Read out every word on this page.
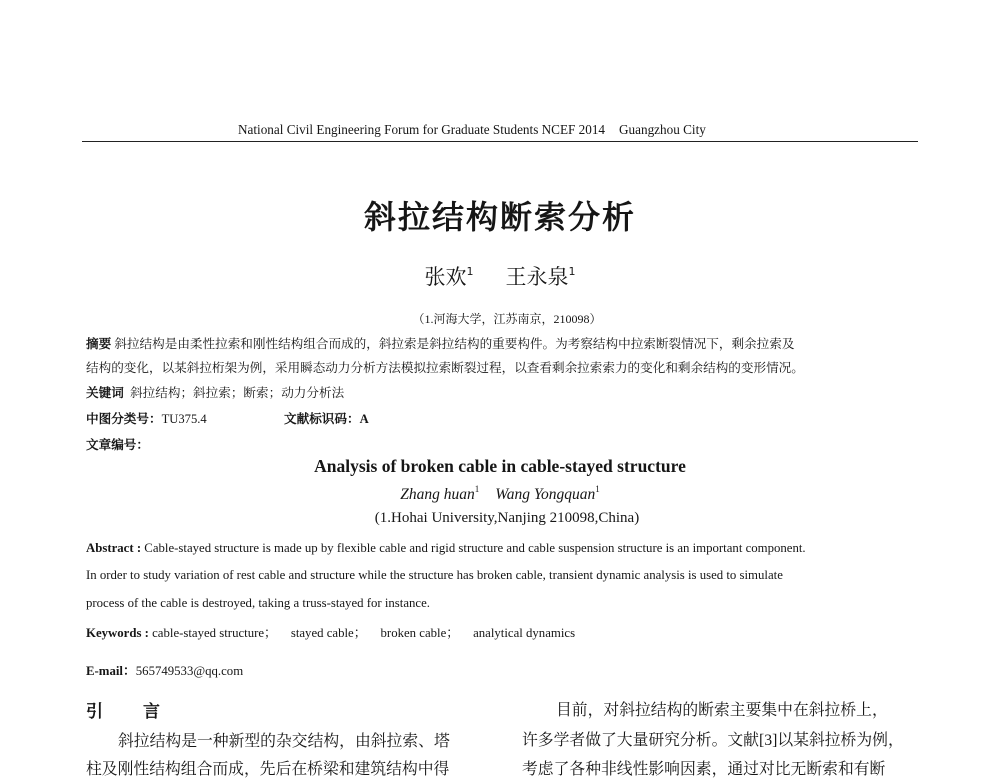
National Civil Engineering Forum for Graduate Students NCEF 2014 Guangzhou City
斜拉结构断索分析
张欢$^1$ 王永泉$^1$
（1.河海大学，江苏南京，210098）
摘要 斜拉结构是由柔性拉索和刚性结构组合而成的，斜拉索是斜拉结构的重要构件。为考察结构中拉索断裂情况下，剩余拉索及
结构的变化，以某斜拉桁架为例，采用瞬态动力分析方法模拟拉索断裂过程，以查看剩余拉索索力的变化和剩余结构的变形情况。
关键词 斜拉结构；斜拉索；断索；动力分析法
中图分类号：TU375.4	文献标识码：A
文章编号：
Analysis of broken cable in cable-stayed structure
Zhang huan$^1$ Wang Yongquan$^1$
(1.Hohai University,Nanjing 210098,China)
Abstract : Cable-stayed structure is made up by flexible cable and rigid structure and cable suspension structure is an important component.
In order to study variation of rest cable and structure while the structure has broken cable, transient dynamic analysis is used to simulate
process of the cable is destroyed, taking a truss-stayed for instance.
Keywords : cable-stayed structure； stayed cable； broken cable； analytical dynamics
E-mail：565749533@qq.com
引 言
斜拉结构是一种新型的杂交结构，由斜拉索、塔
柱及刚性结构组合而成，先后在桥梁和建筑结构中得
目前，对斜拉结构的断索主要集中在斜拉桥上，
许多学者做了大量研究分析。文献[3]以某斜拉桥为例，
考虑了各种非线性影响因素，通过对比无断索和有断
